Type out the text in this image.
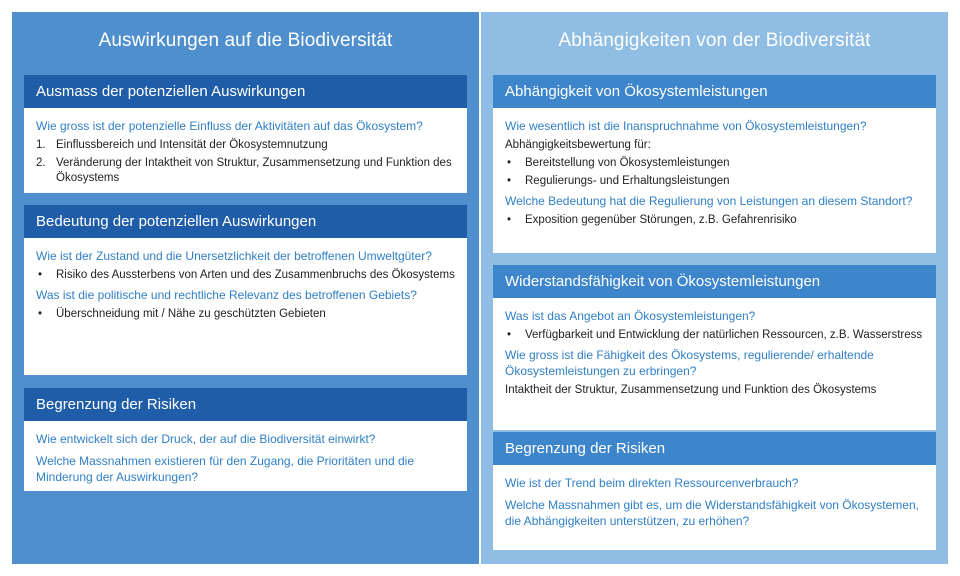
Auswirkungen auf die Biodiversität
Ausmass der potenziellen Auswirkungen
Wie gross ist der potenzielle Einfluss der Aktivitäten auf das Ökosystem?
1. Einflussbereich und Intensität der Ökosystemnutzung
2. Veränderung der Intaktheit von Struktur, Zusammensetzung und Funktion des Ökosystems
Bedeutung der potenziellen Auswirkungen
Wie ist der Zustand und die Unersetzlichkeit der betroffenen Umweltgüter?
•	Risiko des Aussterbens von Arten und des Zusammenbruchs des Ökosystems
Was ist die politische und rechtliche Relevanz des betroffenen Gebiets?
•	Überschneidung mit / Nähe zu geschützten Gebieten
Begrenzung der Risiken
Wie entwickelt sich der Druck, der auf die Biodiversität einwirkt?
Welche Massnahmen existieren für den Zugang, die Prioritäten und die Minderung der Auswirkungen?
Abhängigkeiten von der Biodiversität
Abhängigkeit von Ökosystemleistungen
Wie wesentlich ist die Inanspruchnahme von Ökosystemleistungen?
Abhängigkeitsbewertung für:
•	Bereitstellung von Ökosystemleistungen
•	Regulierungs- und Erhaltungsleistungen
Welche Bedeutung hat die Regulierung von Leistungen an diesem Standort?
•	Exposition gegenüber Störungen, z.B. Gefahrenrisiko
Widerstandsfähigkeit von Ökosystemleistungen
Was ist das Angebot an Ökosystemleistungen?
•	Verfügbarkeit und Entwicklung der natürlichen Ressourcen, z.B. Wasserstress
Wie gross ist die Fähigkeit des Ökosystems, regulierende/ erhaltende Ökosystemleistungen zu erbringen?
Intaktheit der Struktur, Zusammensetzung und Funktion des Ökosystems
Begrenzung der Risiken
Wie ist der Trend beim direkten Ressourcenverbrauch?
Welche Massnahmen gibt es, um die Widerstandsfähigkeit von Ökosystemen, die Abhängigkeiten unterstützen, zu erhöhen?
